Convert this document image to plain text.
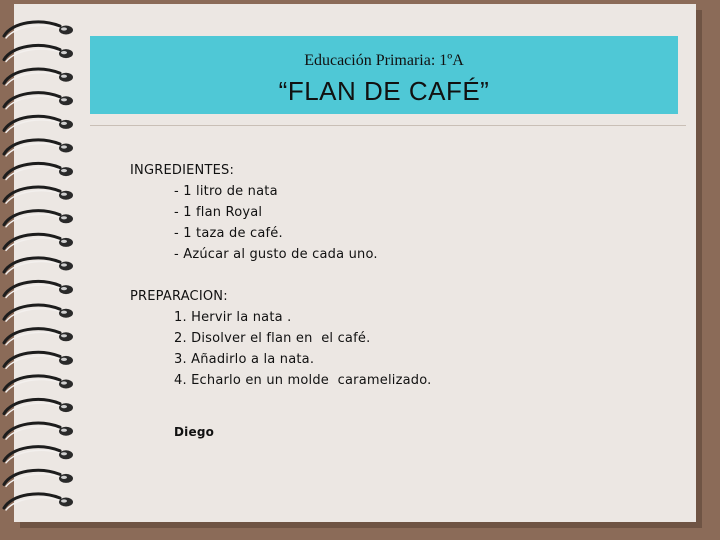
Educación Primaria: 1ºA
“FLAN DE CAFÉ”
INGREDIENTES:
- 1 litro de nata
- 1 flan Royal
- 1 taza de café.
- Azúcar al gusto de cada uno.
PREPARACION:
1. Hervir la nata .
2. Disolver el flan en  el café.
3. Añadirlo a la nata.
4. Echarlo en un molde  caramelizado.
Diego
